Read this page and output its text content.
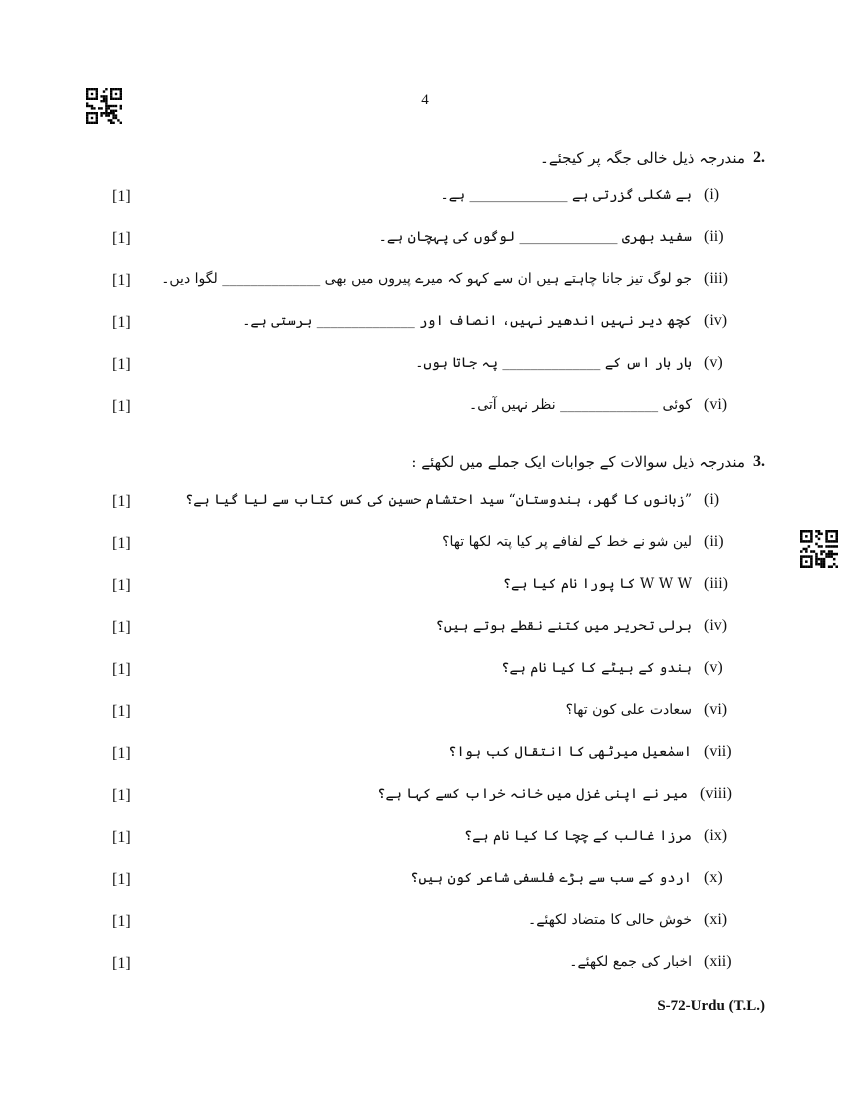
4
2.
مندرجہ ذیل خالی جگہ پر کیجئے۔
[1]	(i)
بے شکلی گزرتی ہے ______________ ہے۔
[1]	(ii)
سفید بھری ______________ لوگوں کی پہچان ہے۔
[1]	(iii)
جو لوگ تیز جانا چاہتے ہیں ان سے کہو کہ میرے پیروں میں بھی ______________ لگوا دیں۔
[1]	(iv)
کچھ دیر نہیں اندھیر نہیں، انصاف اور ______________ برستی ہے۔
[1]	(v)
بار بار اس کے ______________ پہ جاتا ہوں۔
[1]	(vi)
کوئی ______________ نظر نہیں آتی۔
3.
مندرجہ ذیل سوالات کے جوابات ایک جملے میں لکھئے :
[1]	(i)
”زبانوں کا گھر، ہندوستان“ سید احتشام حسین کی کس کتاب سے لیا گیا ہے؟
[1]	(ii)
لین شو نے خط کے لفافے پر کیا پتہ لکھا تھا؟
[1]	(iii)
W W W کا پورا نام کیا ہے؟
[1]	(iv)
برلی تحریر میں کتنے نقطے ہوتے ہیں؟
[1]	(v)
ہندو کے بیٹے کا کیا نام ہے؟
[1]	(vi)
سعادت علی کون تھا؟
[1]	(vii)
اسمٰعیل میرٹھی کا انتقال کب ہوا؟
[1]	(viii)
میر نے اپنی غزل میں خانہ خراب کسے کہا ہے؟
[1]	(ix)
مرزا غالب کے چچا کا کیا نام ہے؟
[1]	(x)
اردو کے سب سے بڑے فلسفی شاعر کون ہیں؟
[1]	(xi)
خوش حالی کا متضاد لکھئے۔
[1]	(xii)
اخبار کی جمع لکھئے۔
S-72-Urdu (T.L.)
